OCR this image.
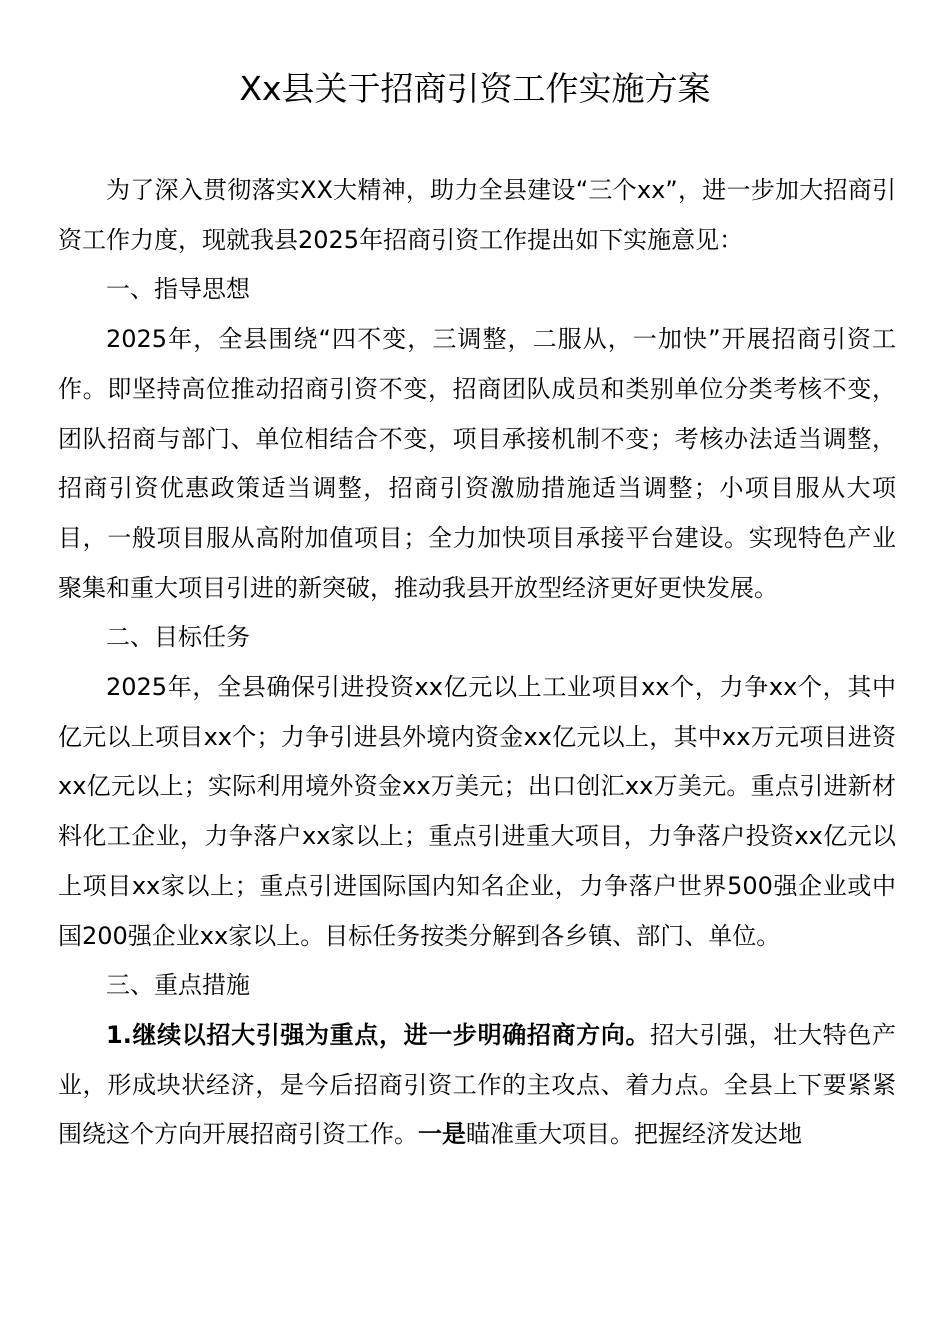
Xx县关于招商引资工作实施方案

为了深入贯彻落实XX大精神，助力全县建设“三个xx”，进一步加大招商引资工作力度，现就我县2025年招商引资工作提出如下实施意见：

一、指导思想

2025年，全县围绕“四不变，三调整，二服从，一加快”开展招商引资工作。即坚持高位推动招商引资不变，招商团队成员和类别单位分类考核不变，团队招商与部门、单位相结合不变，项目承接机制不变；考核办法适当调整，招商引资优惠政策适当调整，招商引资激励措施适当调整；小项目服从大项目，一般项目服从高附加值项目；全力加快项目承接平台建设。实现特色产业聚集和重大项目引进的新突破，推动我县开放型经济更好更快发展。

二、目标任务

2025年，全县确保引进投资xx亿元以上工业项目xx个，力争xx个，其中亿元以上项目xx个；力争引进县外境内资金xx亿元以上，其中xx万元项目进资xx亿元以上；实际利用境外资金xx万美元；出口创汇xx万美元。重点引进新材料化工企业，力争落户xx家以上；重点引进重大项目，力争落户投资xx亿元以上项目xx家以上；重点引进国际国内知名企业，力争落户世界500强企业或中国200强企业xx家以上。目标任务按类分解到各乡镇、部门、单位。

三、重点措施

1.继续以招大引强为重点，进一步明确招商方向。招大引强，壮大特色产业，形成块状经济，是今后招商引资工作的主攻点、着力点。全县上下要紧紧围绕这个方向开展招商引资工作。一是瞄准重大项目。把握经济发达地
